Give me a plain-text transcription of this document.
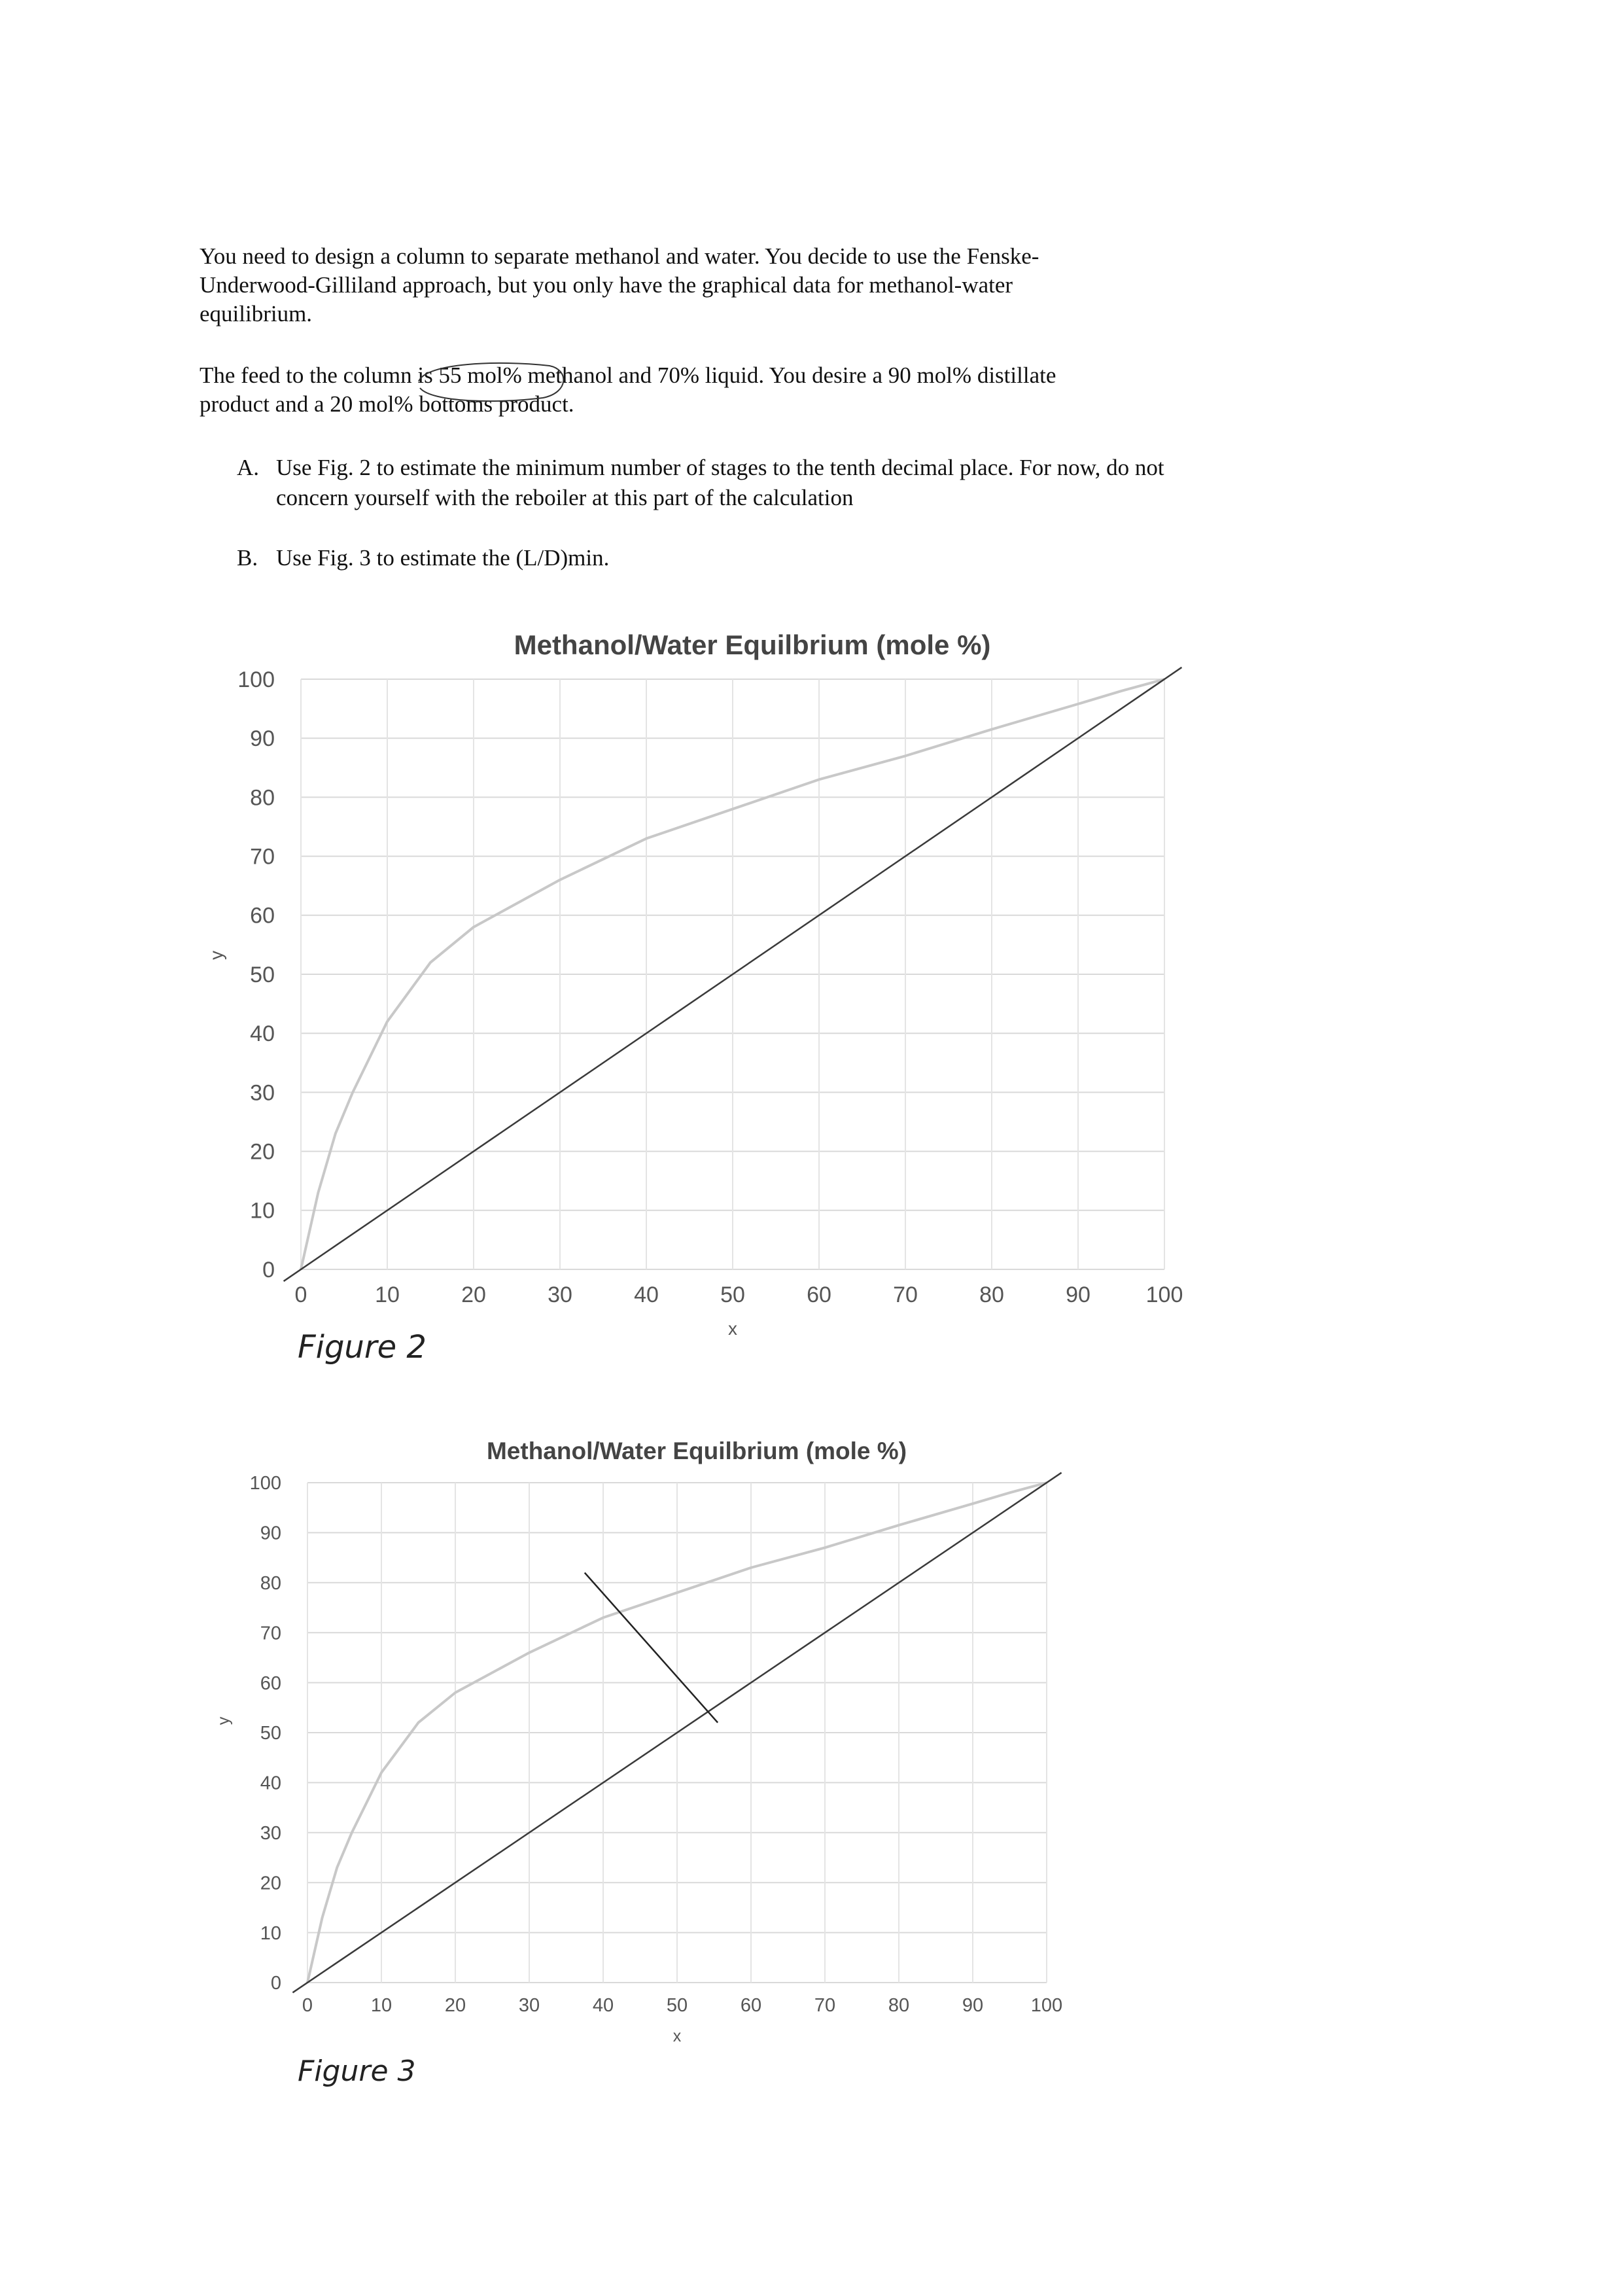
You need to design a column to separate methanol and water. You decide to use the Fenske-Underwood-Gilliland approach, but you only have the graphical data for methanol-water equilibrium.
The feed to the column is 55 mol% methanol and 70% liquid. You desire a 90 mol% distillate product and a 20 mol% bottoms product.
A. Use Fig. 2 to estimate the minimum number of stages to the tenth decimal place. For now, do not concern yourself with the reboiler at this part of the calculation
B. Use Fig. 3 to estimate the (L/D)min.
0
10
20
30
40
50
60
70
80
90
100
0	10	20	30	40	50	60	70	80	90 100
Methanol/Water Equilbrium (mole %)
x
y
Figure 2
0
10
20
30
40
50
60
70
80
90
100
0	10	20	30	40	50	60	70	80	90	100
Methanol/Water Equilbrium (mole %)
x
y
Figure 3
